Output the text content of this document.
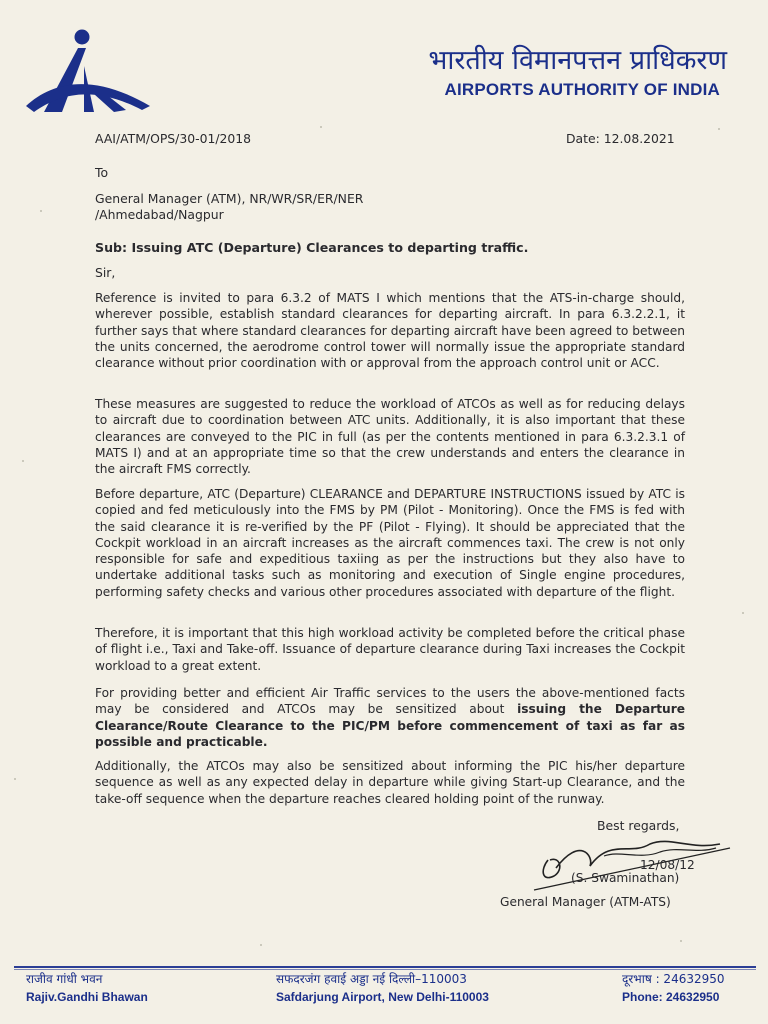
भारतीय विमानपत्तन प्राधिकरण
AIRPORTS AUTHORITY OF INDIA
AAI/ATM/OPS/30-01/2018	Date: 12.08.2021
To
General Manager (ATM), NR/WR/SR/ER/NER
/Ahmedabad/Nagpur
Sub: Issuing ATC (Departure) Clearances to departing traffic.
Sir,
Reference is invited to para 6.3.2 of MATS I which mentions that the ATS-in-charge should, wherever possible, establish standard clearances for departing aircraft. In para 6.3.2.2.1, it further says that where standard clearances for departing aircraft have been agreed to between the units concerned, the aerodrome control tower will normally issue the appropriate standard clearance without prior coordination with or approval from the approach control unit or ACC.
These measures are suggested to reduce the workload of ATCOs as well as for reducing delays to aircraft due to coordination between ATC units. Additionally, it is also important that these clearances are conveyed to the PIC in full (as per the contents mentioned in para 6.3.2.3.1 of MATS I) and at an appropriate time so that the crew understands and enters the clearance in the aircraft FMS correctly.
Before departure, ATC (Departure) CLEARANCE and DEPARTURE INSTRUCTIONS issued by ATC is copied and fed meticulously into the FMS by PM (Pilot - Monitoring). Once the FMS is fed with the said clearance it is re-verified by the PF (Pilot - Flying). It should be appreciated that the Cockpit workload in an aircraft increases as the aircraft commences taxi. The crew is not only responsible for safe and expeditious taxiing as per the instructions but they also have to undertake additional tasks such as monitoring and execution of Single engine procedures, performing safety checks and various other procedures associated with departure of the flight.
Therefore, it is important that this high workload activity be completed before the critical phase of flight i.e., Taxi and Take-off. Issuance of departure clearance during Taxi increases the Cockpit workload to a great extent.
For providing better and efficient Air Traffic services to the users the above-mentioned facts may be considered and ATCOs may be sensitized about issuing the Departure Clearance/Route Clearance to the PIC/PM before commencement of taxi as far as possible and practicable.
Additionally, the ATCOs may also be sensitized about informing the PIC his/her departure sequence as well as any expected delay in departure while giving Start-up Clearance, and the take-off sequence when the departure reaches cleared holding point of the runway.
Best regards,
12/08/12
(S. Swaminathan)
General Manager (ATM-ATS)
राजीव गांधी भवन	सफदरजंग हवाई अड्डा नई दिल्ली–110003	दूरभाष : 24632950
Rajiv.Gandhi Bhawan	Safdarjung Airport, New Delhi-110003	Phone: 24632950
